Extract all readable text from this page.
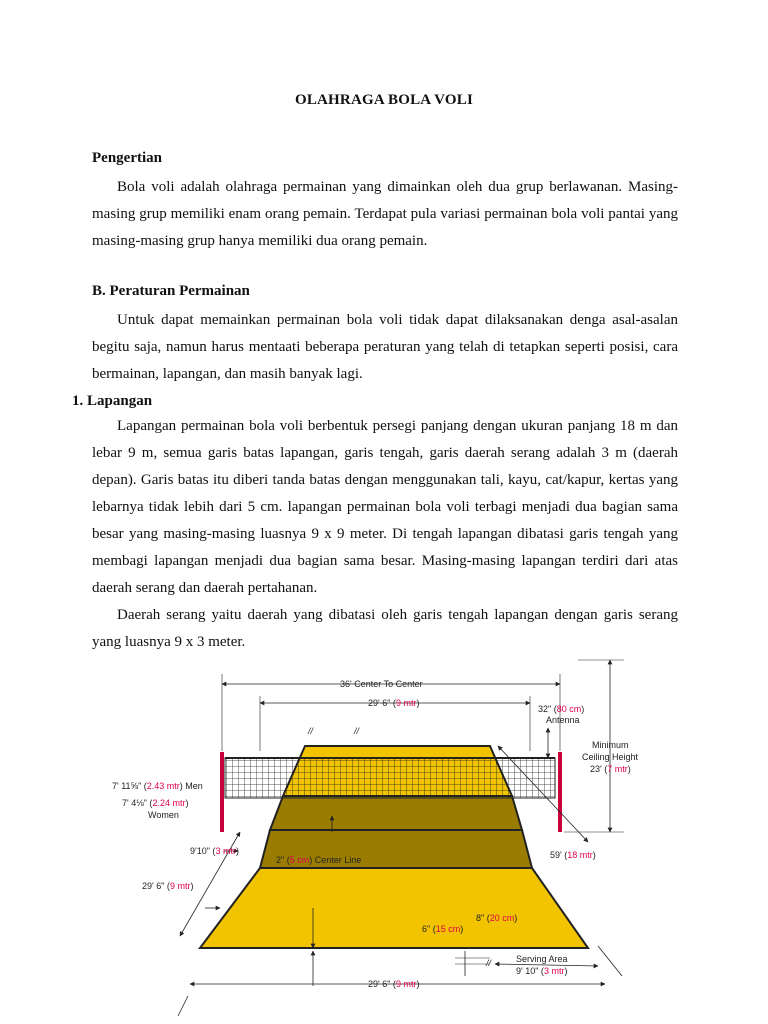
OLAHRAGA BOLA VOLI
Pengertian

Bola voli adalah olahraga permainan yang dimainkan oleh dua grup berlawanan. Masing-masing grup memiliki enam orang pemain. Terdapat pula variasi permainan bola voli pantai yang masing-masing grup hanya memiliki dua orang pemain.

B. Peraturan Permainan

Untuk dapat memainkan permainan bola voli tidak dapat dilaksanakan denga asal-asalan begitu saja, namun harus mentaati beberapa peraturan yang telah di tetapkan seperti posisi, cara bermainan, lapangan, dan masih banyak lagi.

1. Lapangan

Lapangan permainan bola voli berbentuk persegi panjang dengan ukuran panjang 18 m dan lebar 9 m, semua garis batas lapangan, garis tengah, garis daerah serang adalah 3 m (daerah depan). Garis batas itu diberi tanda batas dengan menggunakan tali, kayu, cat/kapur, kertas yang lebarnya tidak lebih dari 5 cm. lapangan permainan bola voli terbagi menjadi dua bagian sama besar yang masing-masing luasnya 9 x 9 meter. Di tengah lapangan dibatasi garis tengah yang membagi lapangan menjadi dua bagian sama besar. Masing-masing lapangan terdiri dari atas daerah serang dan daerah pertahanan.

Daerah serang yaitu daerah yang dibatasi oleh garis tengah lapangan dengan garis serang yang luasnya 9 x 3 meter.

//	//
//
36' Center To Center
29' 6" (9 mtr)
32" (80 cm)
Antenna
Minimum
Ceiling Height
23' (7 mtr)
7' 11⅝" (2.43 mtr) Men
7' 4⅛" (2.24 mtr)
Women
9'10" (3 mtr)
2" (5 cm) Center Line	59' (18 mtr)
29' 6" (9 mtr)
8" (20 cm)
6" (15 cm)
Serving Area
9' 10" (3 mtr)
29' 6" (9 mtr)
